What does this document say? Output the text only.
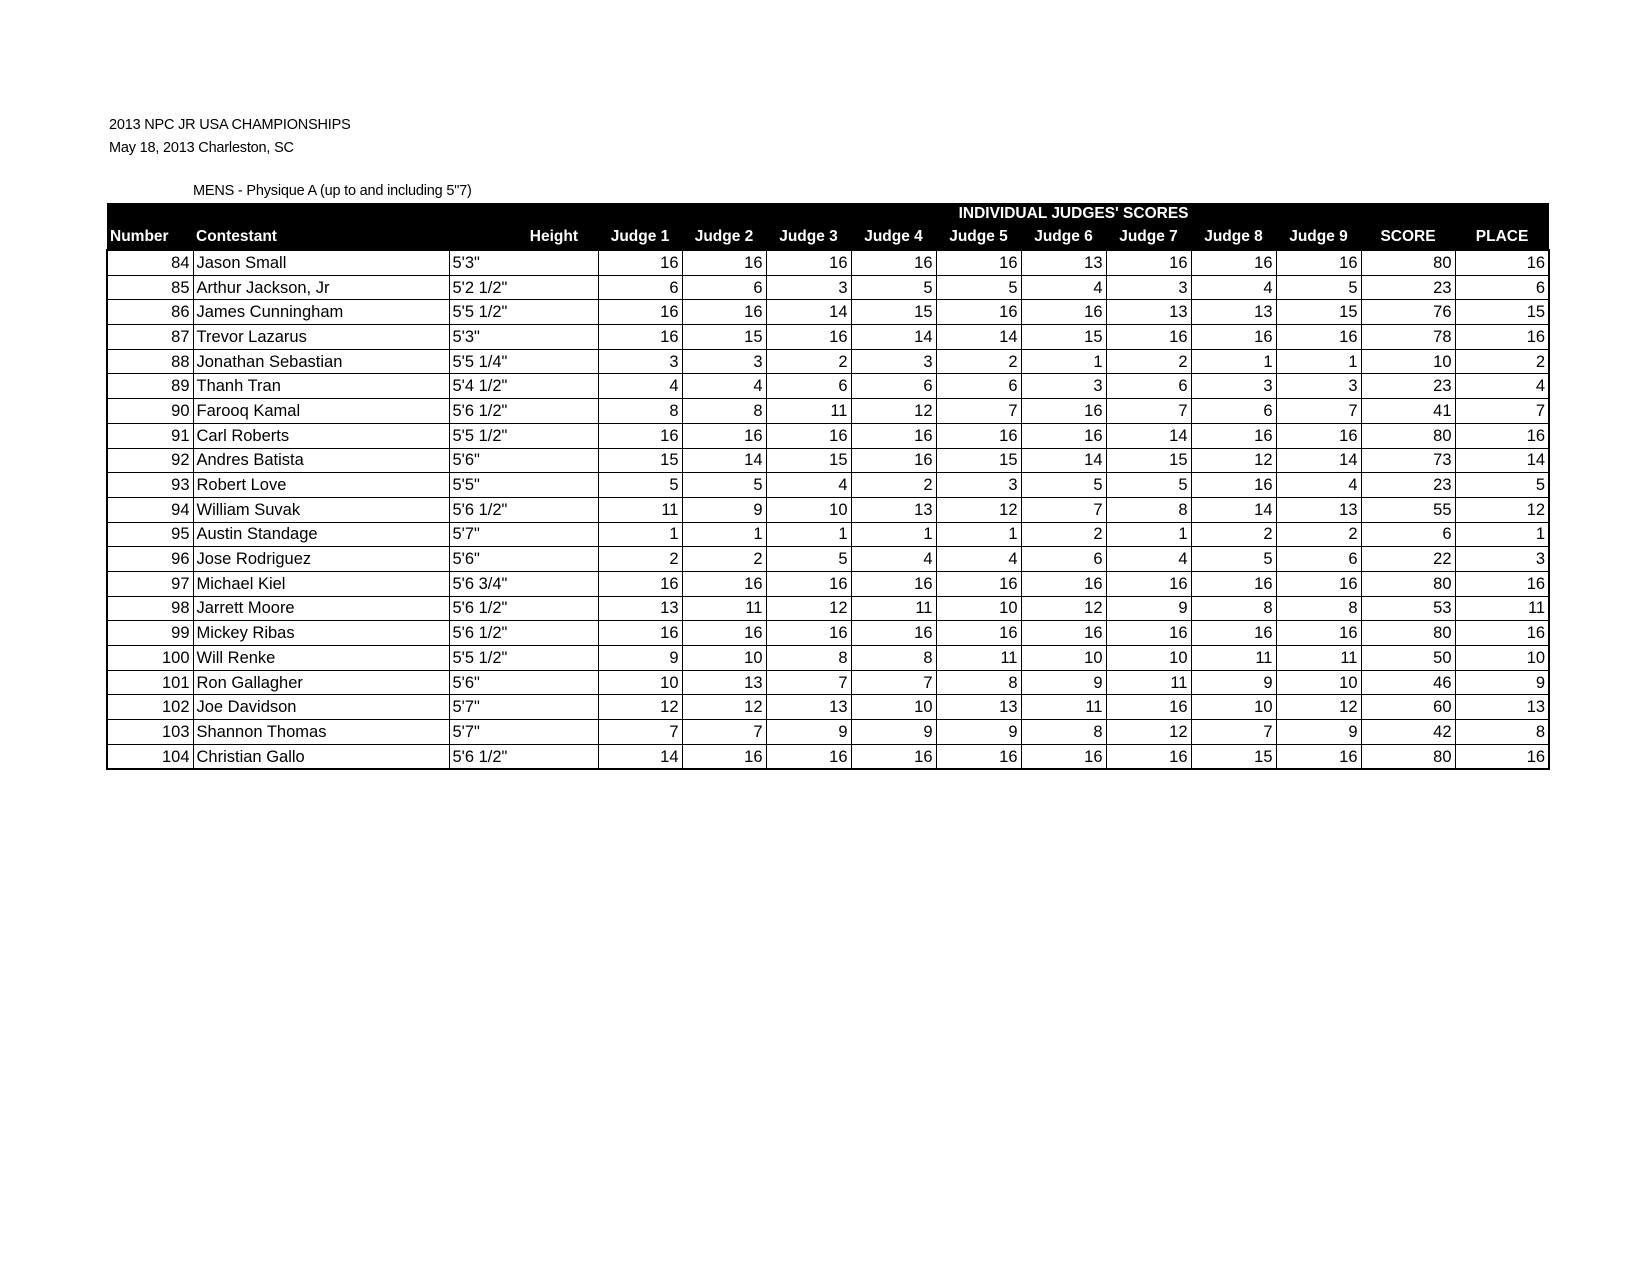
2013 NPC JR USA CHAMPIONSHIPS
May 18, 2013 Charleston, SC
MENS - Physique A (up to and including 5"7)
			INDIVIDUAL JUDGES' SCORES										
Number	Contestant	Height	Judge 1	Judge 2	Judge 3	Judge 4	Judge 5	Judge 6	Judge 7	Judge 8	Judge 9	SCORE	PLACE
84	Jason Small	5'3"	16	16	16	16	16	13	16	16	16	80	16
85	Arthur Jackson, Jr	5'2 1/2"	6	6	3	5	5	4	3	4	5	23	6
86	James Cunningham	5'5 1/2"	16	16	14	15	16	16	13	13	15	76	15
87	Trevor Lazarus	5'3"	16	15	16	14	14	15	16	16	16	78	16
88	Jonathan Sebastian	5'5 1/4"	3	3	2	3	2	1	2	1	1	10	2
89	Thanh Tran	5'4 1/2"	4	4	6	6	6	3	6	3	3	23	4
90	Farooq Kamal	5'6 1/2"	8	8	11	12	7	16	7	6	7	41	7
91	Carl Roberts	5'5 1/2"	16	16	16	16	16	16	14	16	16	80	16
92	Andres Batista	5'6"	15	14	15	16	15	14	15	12	14	73	14
93	Robert Love	5'5"	5	5	4	2	3	5	5	16	4	23	5
94	William Suvak	5'6 1/2"	11	9	10	13	12	7	8	14	13	55	12
95	Austin Standage	5'7"	1	1	1	1	1	2	1	2	2	6	1
96	Jose Rodriguez	5'6"	2	2	5	4	4	6	4	5	6	22	3
97	Michael Kiel	5'6 3/4"	16	16	16	16	16	16	16	16	16	80	16
98	Jarrett Moore	5'6 1/2"	13	11	12	11	10	12	9	8	8	53	11
99	Mickey Ribas	5'6 1/2"	16	16	16	16	16	16	16	16	16	80	16
100	Will Renke	5'5 1/2"	9	10	8	8	11	10	10	11	11	50	10
101	Ron Gallagher	5'6"	10	13	7	7	8	9	11	9	10	46	9
102	Joe Davidson	5'7"	12	12	13	10	13	11	16	10	12	60	13
103	Shannon Thomas	5'7"	7	7	9	9	9	8	12	7	9	42	8
104	Christian Gallo	5'6 1/2"	14	16	16	16	16	16	16	15	16	80	16
